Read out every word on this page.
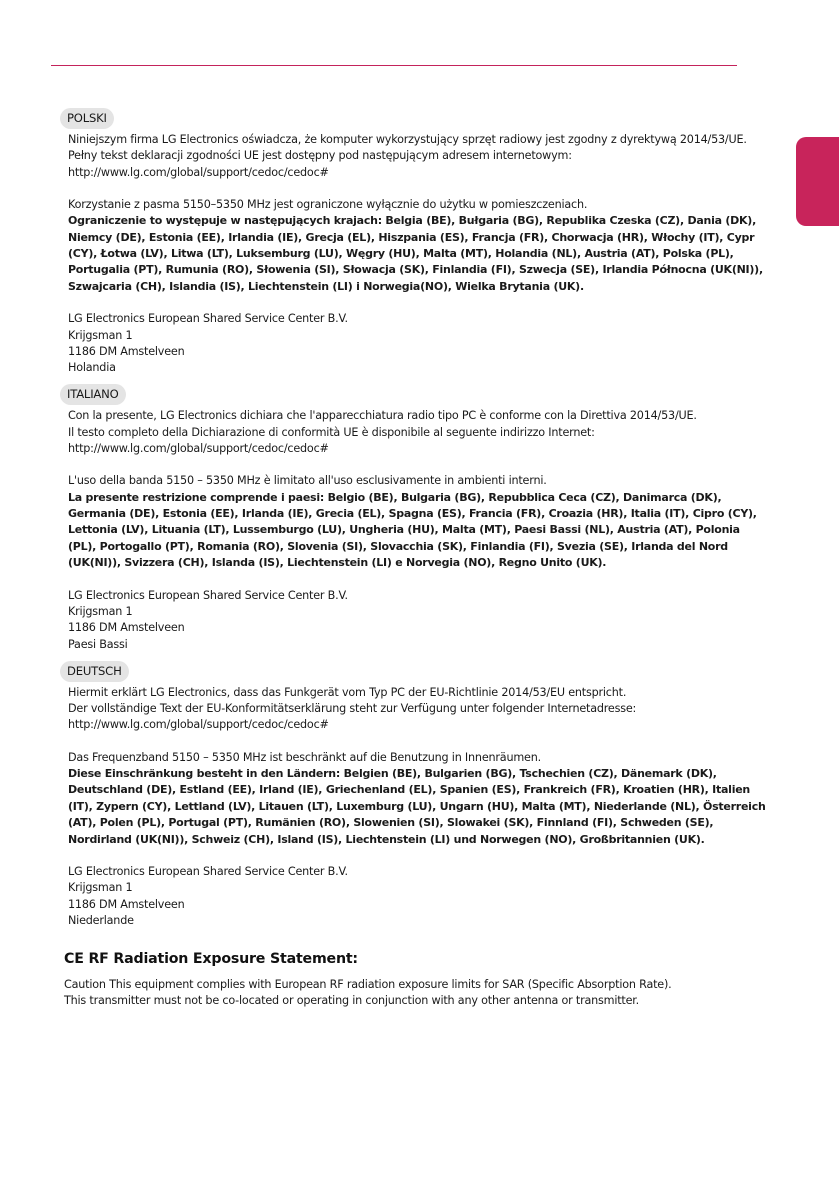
POLSKI

Niniejszym firma LG Electronics oświadcza, że komputer wykorzystujący sprzęt radiowy jest zgodny z dyrektywą 2014/53/UE.

Pełny tekst deklaracji zgodności UE jest dostępny pod następującym adresem internetowym:

http://www.lg.com/global/support/cedoc/cedoc#

Korzystanie z pasma 5150–5350 MHz jest ograniczone wyłącznie do użytku w pomieszczeniach.

Ograniczenie to występuje w następujących krajach: Belgia (BE), Bułgaria (BG), Republika Czeska (CZ), Dania (DK), Niemcy (DE), Estonia (EE), Irlandia (IE), Grecja (EL), Hiszpania (ES), Francja (FR), Chorwacja (HR), Włochy (IT), Cypr (CY), Łotwa (LV), Litwa (LT), Luksemburg (LU), Węgry (HU), Malta (MT), Holandia (NL), Austria (AT), Polska (PL), Portugalia (PT), Rumunia (RO), Słowenia (SI), Słowacja (SK), Finlandia (FI), Szwecja (SE), Irlandia Północna (UK(NI)), Szwajcaria (CH), Islandia (IS), Liechtenstein (LI) i Norwegia(NO), Wielka Brytania (UK).

LG Electronics European Shared Service Center B.V.

Krijgsman 1

1186 DM Amstelveen

Holandia

ITALIANO

Con la presente, LG Electronics dichiara che l'apparecchiatura radio tipo PC è conforme con la Direttiva 2014/53/UE.

Il testo completo della Dichiarazione di conformità UE è disponibile al seguente indirizzo Internet:

http://www.lg.com/global/support/cedoc/cedoc#

L'uso della banda 5150 – 5350 MHz è limitato all'uso esclusivamente in ambienti interni.

La presente restrizione comprende i paesi: Belgio (BE), Bulgaria (BG), Repubblica Ceca (CZ), Danimarca (DK), Germania (DE), Estonia (EE), Irlanda (IE), Grecia (EL), Spagna (ES), Francia (FR), Croazia (HR), Italia (IT), Cipro (CY), Lettonia (LV), Lituania (LT), Lussemburgo (LU), Ungheria (HU), Malta (MT), Paesi Bassi (NL), Austria (AT), Polonia (PL), Portogallo (PT), Romania (RO), Slovenia (SI), Slovacchia (SK), Finlandia (FI), Svezia (SE), Irlanda del Nord (UK(NI)), Svizzera (CH), Islanda (IS), Liechtenstein (LI) e Norvegia (NO), Regno Unito (UK).

LG Electronics European Shared Service Center B.V.

Krijgsman 1

1186 DM Amstelveen

Paesi Bassi

DEUTSCH

Hiermit erklärt LG Electronics, dass das Funkgerät vom Typ PC der EU-Richtlinie 2014/53/EU entspricht.

Der vollständige Text der EU-Konformitätserklärung steht zur Verfügung unter folgender Internetadresse:

http://www.lg.com/global/support/cedoc/cedoc#

Das Frequenzband 5150 – 5350 MHz ist beschränkt auf die Benutzung in Innenräumen.

Diese Einschränkung besteht in den Ländern: Belgien (BE), Bulgarien (BG), Tschechien (CZ), Dänemark (DK), Deutschland (DE), Estland (EE), Irland (IE), Griechenland (EL), Spanien (ES), Frankreich (FR), Kroatien (HR), Italien (IT), Zypern (CY), Lettland (LV), Litauen (LT), Luxemburg (LU), Ungarn (HU), Malta (MT), Niederlande (NL), Österreich (AT), Polen (PL), Portugal (PT), Rumänien (RO), Slowenien (SI), Slowakei (SK), Finnland (FI), Schweden (SE), Nordirland (UK(NI)), Schweiz (CH), Island (IS), Liechtenstein (LI) und Norwegen (NO), Großbritannien (UK).

LG Electronics European Shared Service Center B.V.

Krijgsman 1

1186 DM Amstelveen

Niederlande

CE RF Radiation Exposure Statement:

Caution This equipment complies with European RF radiation exposure limits for SAR (Specific Absorption Rate).

This transmitter must not be co-located or operating in conjunction with any other antenna or transmitter.
